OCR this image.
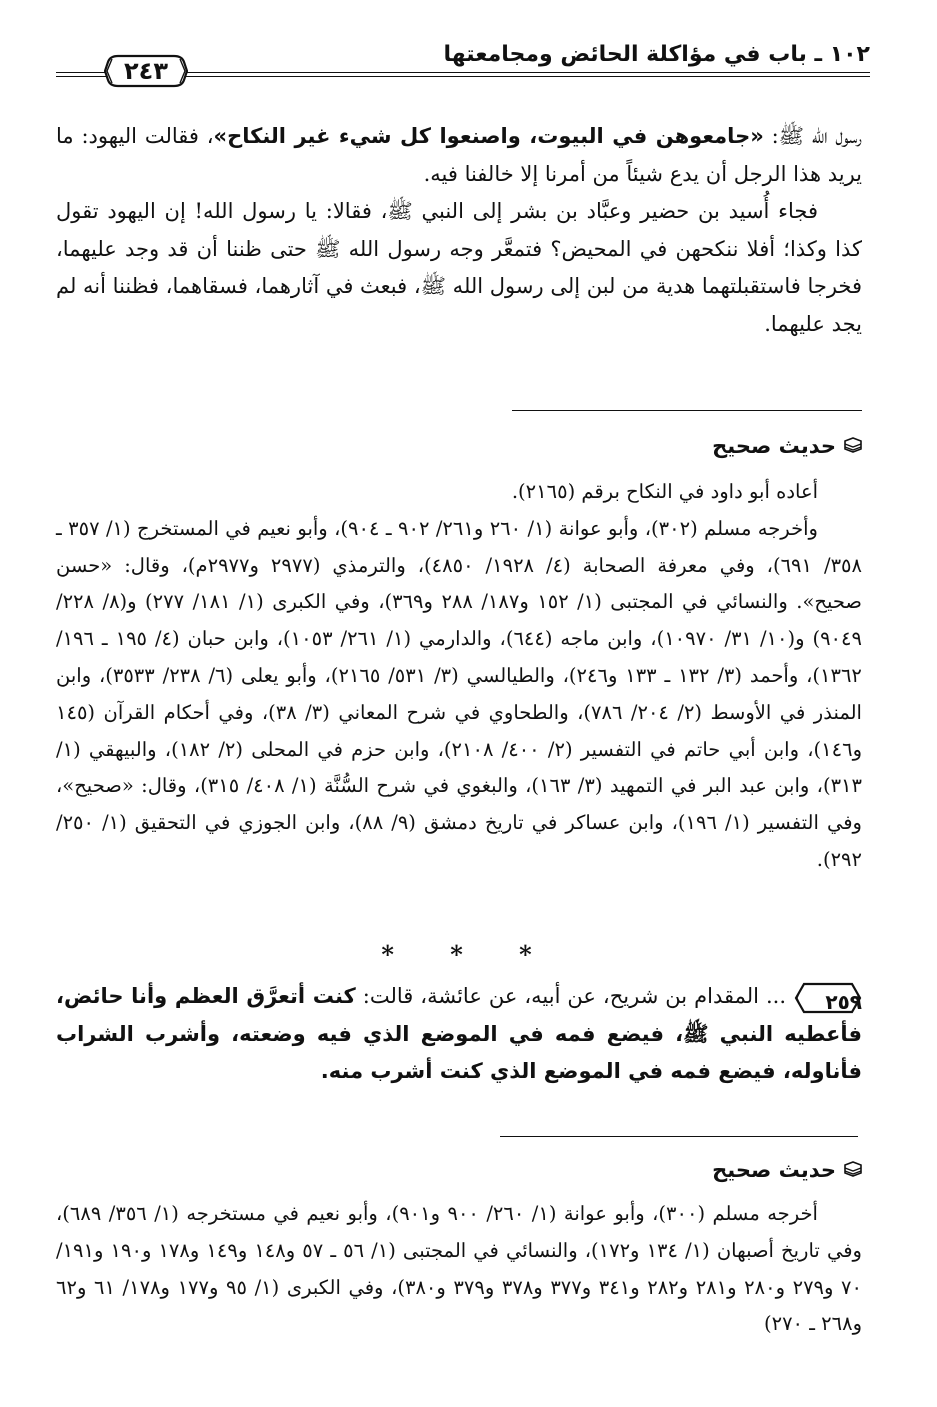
١٠٢ ـ باب في مؤاكلة الحائض ومجامعتها
٢٤٣

رسول الله ﷺ: «جامعوهن في البيوت، واصنعوا كل شيء غير النكاح»، فقالت اليهود: ما يريد هذا الرجل أن يدع شيئاً من أمرنا إلا خالفنا فيه.

فجاء أُسيد بن حضير وعبَّاد بن بشر إلى النبي ﷺ، فقالا: يا رسول الله! إن اليهود تقول كذا وكذا؛ أفلا ننكحهن في المحيض؟ فتمعَّر وجه رسول الله ﷺ حتى ظننا أن قد وجد عليهما، فخرجا فاستقبلتهما هدية من لبن إلى رسول الله ﷺ، فبعث في آثارهما، فسقاهما، فظننا أنه لم يجد عليهما.

حديث صحيح

أعاده أبو داود في النكاح برقم (٢١٦٥).

وأخرجه مسلم (٣٠٢)، وأبو عوانة (١/ ٢٦٠ و٢٦١/ ٩٠٢ ـ ٩٠٤)، وأبو نعيم في المستخرج (١/ ٣٥٧ ـ ٣٥٨/ ٦٩١)، وفي معرفة الصحابة (٤/ ١٩٢٨/ ٤٨٥٠)، والترمذي (٢٩٧٧ و٢٩٧٧م)، وقال: «حسن صحيح». والنسائي في المجتبى (١/ ١٥٢ و١٨٧/ ٢٨٨ و٣٦٩)، وفي الكبرى (١/ ١٨١/ ٢٧٧) و(٨/ ٢٢٨/ ٩٠٤٩) و(١٠/ ٣١/ ١٠٩٧٠)، وابن ماجه (٦٤٤)، والدارمي (١/ ٢٦١/ ١٠٥٣)، وابن حبان (٤/ ١٩٥ ـ ١٩٦/ ١٣٦٢)، وأحمد (٣/ ١٣٢ ـ ١٣٣ و٢٤٦)، والطيالسي (٣/ ٥٣١/ ٢١٦٥)، وأبو يعلى (٦/ ٢٣٨/ ٣٥٣٣)، وابن المنذر في الأوسط (٢/ ٢٠٤/ ٧٨٦)، والطحاوي في شرح المعاني (٣/ ٣٨)، وفي أحكام القرآن (١٤٥ و١٤٦)، وابن أبي حاتم في التفسير (٢/ ٤٠٠/ ٢١٠٨)، وابن حزم في المحلى (٢/ ١٨٢)، والبيهقي (١/ ٣١٣)، وابن عبد البر في التمهيد (٣/ ١٦٣)، والبغوي في شرح السُّنَّة (١/ ٤٠٨/ ٣١٥)، وقال: «صحيح»، وفي التفسير (١/ ١٩٦)، وابن عساكر في تاريخ دمشق (٩/ ٨٨)، وابن الجوزي في التحقيق (١/ ٢٥٠/ ٢٩٢).

* * *

٢٥٩
... المقدام بن شريح، عن أبيه، عن عائشة، قالت: كنت أتعرَّق العظم وأنا حائض، فأعطيه النبي ﷺ، فيضع فمه في الموضع الذي فيه وضعته، وأشرب الشراب فأناوله، فيضع فمه في الموضع الذي كنت أشرب منه.

حديث صحيح

أخرجه مسلم (٣٠٠)، وأبو عوانة (١/ ٢٦٠/ ٩٠٠ و٩٠١)، وأبو نعيم في مستخرجه (١/ ٣٥٦/ ٦٨٩)، وفي تاريخ أصبهان (١/ ١٣٤ و١٧٢)، والنسائي في المجتبى (١/ ٥٦ ـ ٥٧ و١٤٨ و١٤٩ و١٧٨ و١٩٠ و١٩١/ ٧٠ و٢٧٩ و٢٨٠ و٢٨١ و٢٨٢ و٣٤١ و٣٧٧ و٣٧٨ و٣٧٩ و٣٨٠)، وفي الكبرى (١/ ٩٥ و١٧٧ و١٧٨/ ٦١ و٦٢ و٢٦٨ ـ ٢٧٠)
